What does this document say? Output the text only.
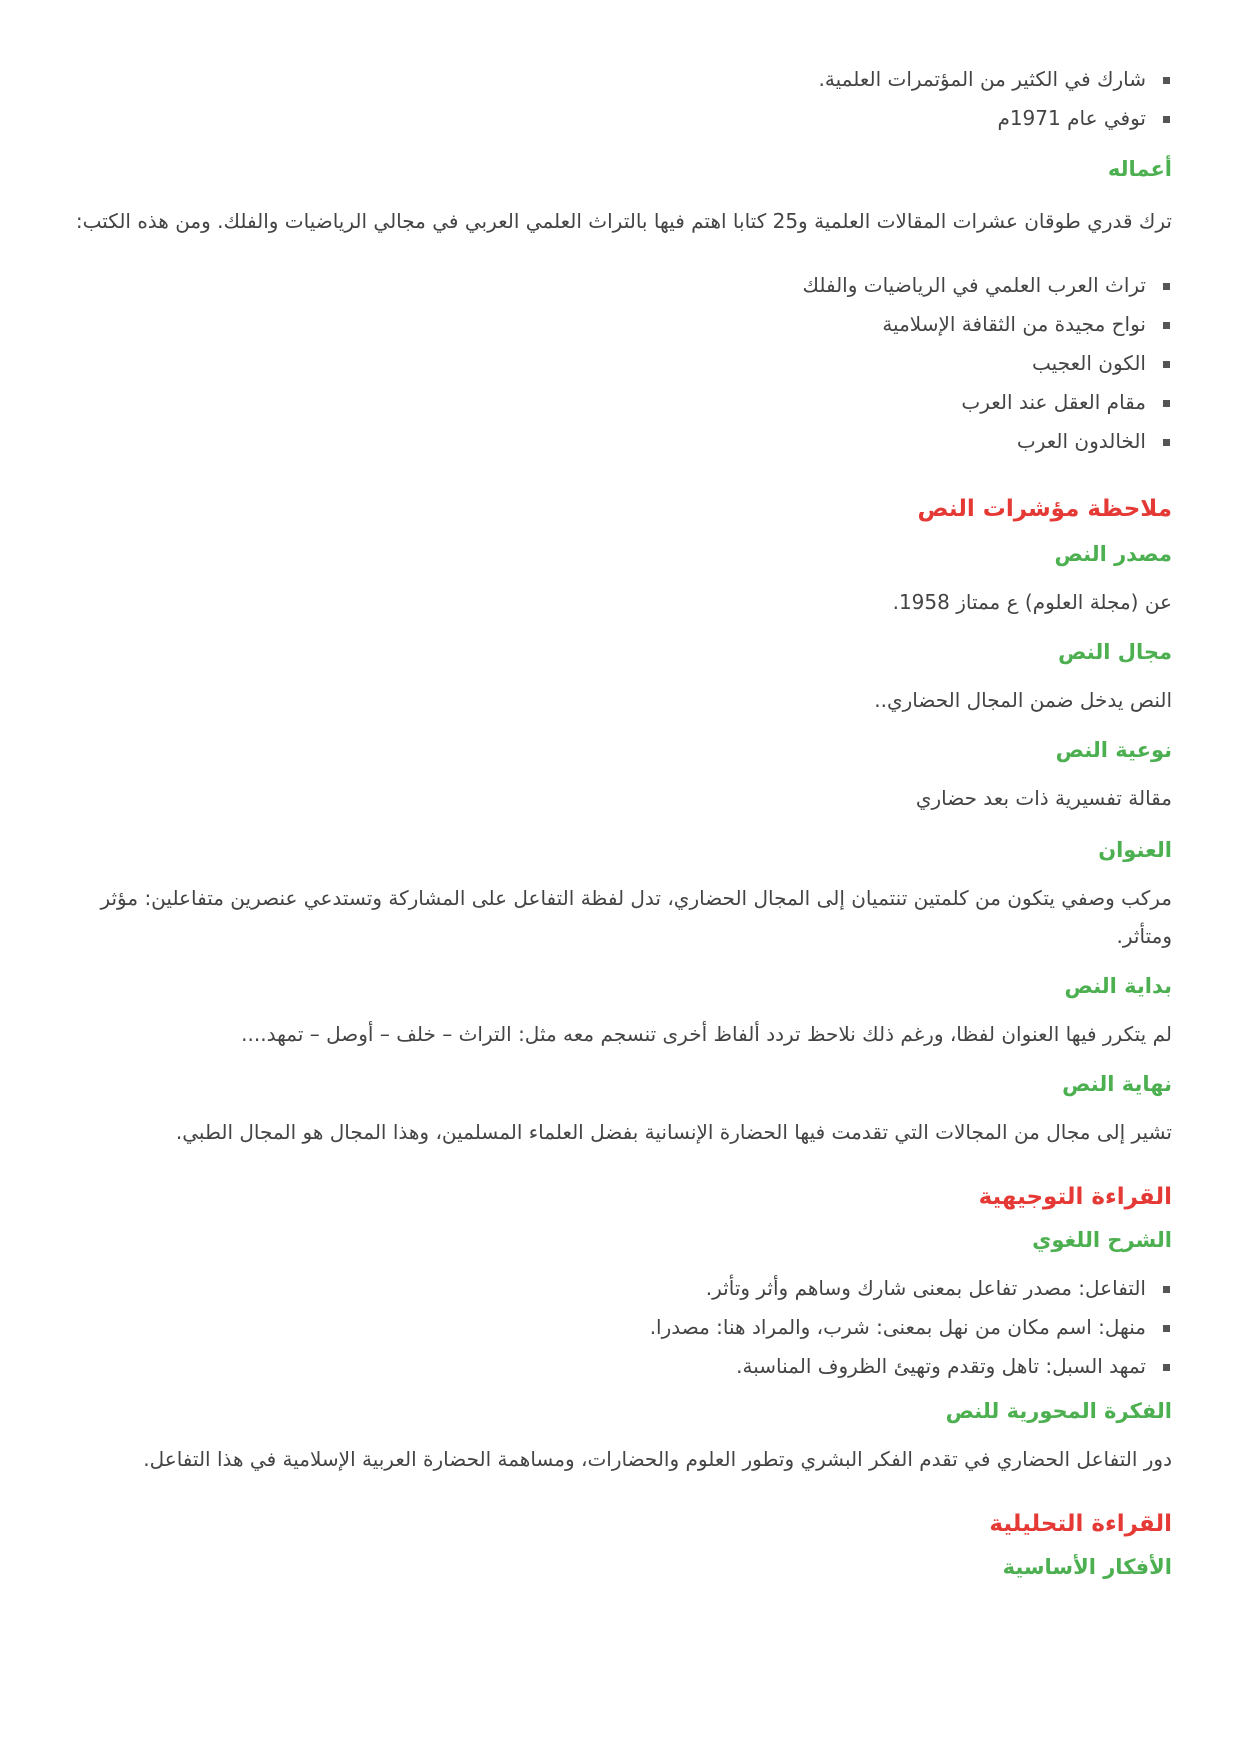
شارك في الكثير من المؤتمرات العلمية.
توفي عام 1971م
أعماله

ترك قدري طوقان عشرات المقالات العلمية و25 كتابا اهتم فيها بالتراث العلمي العربي في مجالي الرياضيات والفلك. ومن هذه الكتب:

تراث العرب العلمي في الرياضيات والفلك
نواح مجيدة من الثقافة الإسلامية
الكون العجيب
مقام العقل عند العرب
الخالدون العرب
ملاحظة مؤشرات النص
مصدر النص

عن (مجلة العلوم) ع ممتاز 1958.

مجال النص

النص يدخل ضمن المجال الحضاري..

نوعية النص

مقالة تفسيرية ذات بعد حضاري

العنوان

مركب وصفي يتكون من كلمتين تنتميان إلى المجال الحضاري، تدل لفظة التفاعل على المشاركة وتستدعي عنصرين متفاعلين: مؤثر ومتأثر.

بداية النص

لم يتكرر فيها العنوان لفظا، ورغم ذلك نلاحظ تردد ألفاظ أخرى تنسجم معه مثل: التراث – خلف – أوصل – تمهد....

نهاية النص

تشير إلى مجال من المجالات التي تقدمت فيها الحضارة الإنسانية بفضل العلماء المسلمين، وهذا المجال هو المجال الطبي.

القراءة التوجيهية
الشرح اللغوي
التفاعل: مصدر تفاعل بمعنى شارك وساهم وأثر وتأثر.
منهل: اسم مكان من نهل بمعنى: شرب، والمراد هنا: مصدرا.
تمهد السبل: تاهل وتقدم وتهيئ الظروف المناسبة.
الفكرة المحورية للنص

دور التفاعل الحضاري في تقدم الفكر البشري وتطور العلوم والحضارات، ومساهمة الحضارة العربية الإسلامية في هذا التفاعل.

القراءة التحليلية
الأفكار الأساسية
